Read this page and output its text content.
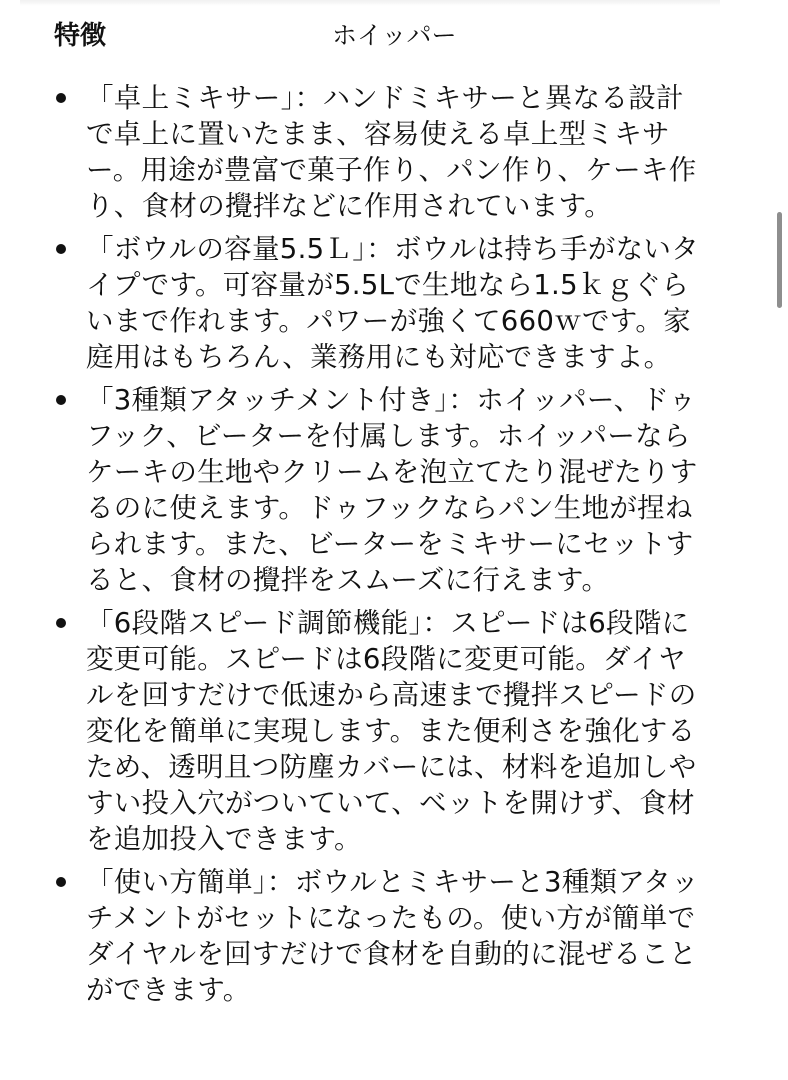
特徴	ホイッパー
「卓上ミキサー」：ハンドミキサーと異なる設計で卓上に置いたまま、容易使える卓上型ミキサー。用途が豊富で菓子作り、パン作り、ケーキ作り、食材の攪拌などに作用されています。
「ボウルの容量5.5Ｌ」：ボウルは持ち手がないタイプです。可容量が5.5Lで生地なら1.5ｋｇぐらいまで作れます。パワーが強くて660ｗです。家庭用はもちろん、業務用にも対応できますよ。
「3種類アタッチメント付き」：ホイッパー、ドゥフック、ビーターを付属します。ホイッパーならケーキの生地やクリームを泡立てたり混ぜたりするのに使えます。ドゥフックならパン生地が捏ねられます。また、ビーターをミキサーにセットすると、食材の攪拌をスムーズに行えます。
「6段階スピード調節機能」：スピードは6段階に変更可能。スピードは6段階に変更可能。ダイヤルを回すだけで低速から高速まで攪拌スピードの変化を簡単に実現します。また便利さを強化するため、透明且つ防塵カバーには、材料を追加しやすい投入穴がついていて、ベットを開けず、食材を追加投入できます。
「使い方簡単」：ボウルとミキサーと3種類アタッチメントがセットになったもの。使い方が簡単でダイヤルを回すだけで食材を自動的に混ぜることができます。
